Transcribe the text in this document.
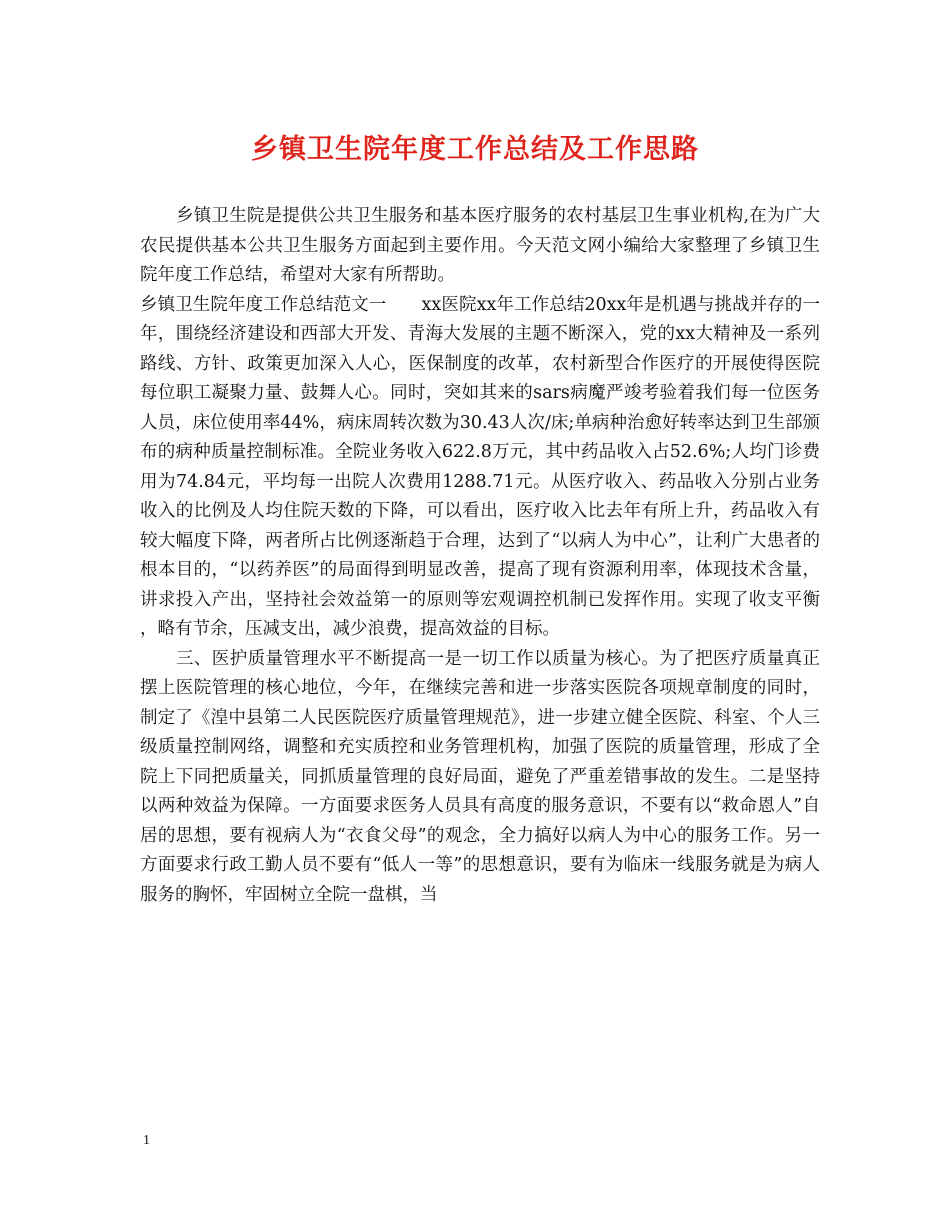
乡镇卫生院年度工作总结及工作思路

乡镇卫生院是提供公共卫生服务和基本医疗服务的农村基层卫生事业机构,在为广大农民提供基本公共卫生服务方面起到主要作用。今天范文网小编给大家整理了乡镇卫生院年度工作总结，希望对大家有所帮助。

乡镇卫生院年度工作总结范文一　　xx医院xx年工作总结20xx年是机遇与挑战并存的一年，围绕经济建设和西部大开发、青海大发展的主题不断深入，党的xx大精神及一系列路线、方针、政策更加深入人心，医保制度的改革，农村新型合作医疗的开展使得医院每位职工凝聚力量、鼓舞人心。同时，突如其来的sars病魔严竣考验着我们每一位医务人员，床位使用率44%，病床周转次数为30.43人次/床;单病种治愈好转率达到卫生部颁布的病种质量控制标准。全院业务收入622.8万元，其中药品收入占52.6%;人均门诊费用为74.84元，平均每一出院人次费用1288.71元。从医疗收入、药品收入分别占业务收入的比例及人均住院天数的下降，可以看出，医疗收入比去年有所上升，药品收入有较大幅度下降，两者所占比例逐渐趋于合理，达到了“以病人为中心”，让利广大患者的根本目的，“以药养医”的局面得到明显改善，提高了现有资源利用率，体现技术含量，讲求投入产出，坚持社会效益第一的原则等宏观调控机制已发挥作用。实现了收支平衡，略有节余，压减支出，减少浪费，提高效益的目标。

三、医护质量管理水平不断提高一是一切工作以质量为核心。为了把医疗质量真正摆上医院管理的核心地位，今年，在继续完善和进一步落实医院各项规章制度的同时，制定了《湟中县第二人民医院医疗质量管理规范》，进一步建立健全医院、科室、个人三级质量控制网络，调整和充实质控和业务管理机构，加强了医院的质量管理，形成了全院上下同把质量关，同抓质量管理的良好局面，避免了严重差错事故的发生。二是坚持以两种效益为保障。一方面要求医务人员具有高度的服务意识，不要有以“救命恩人”自居的思想，要有视病人为“衣食父母”的观念，全力搞好以病人为中心的服务工作。另一方面要求行政工勤人员不要有“低人一等”的思想意识，要有为临床一线服务就是为病人服务的胸怀，牢固树立全院一盘棋，当

1
